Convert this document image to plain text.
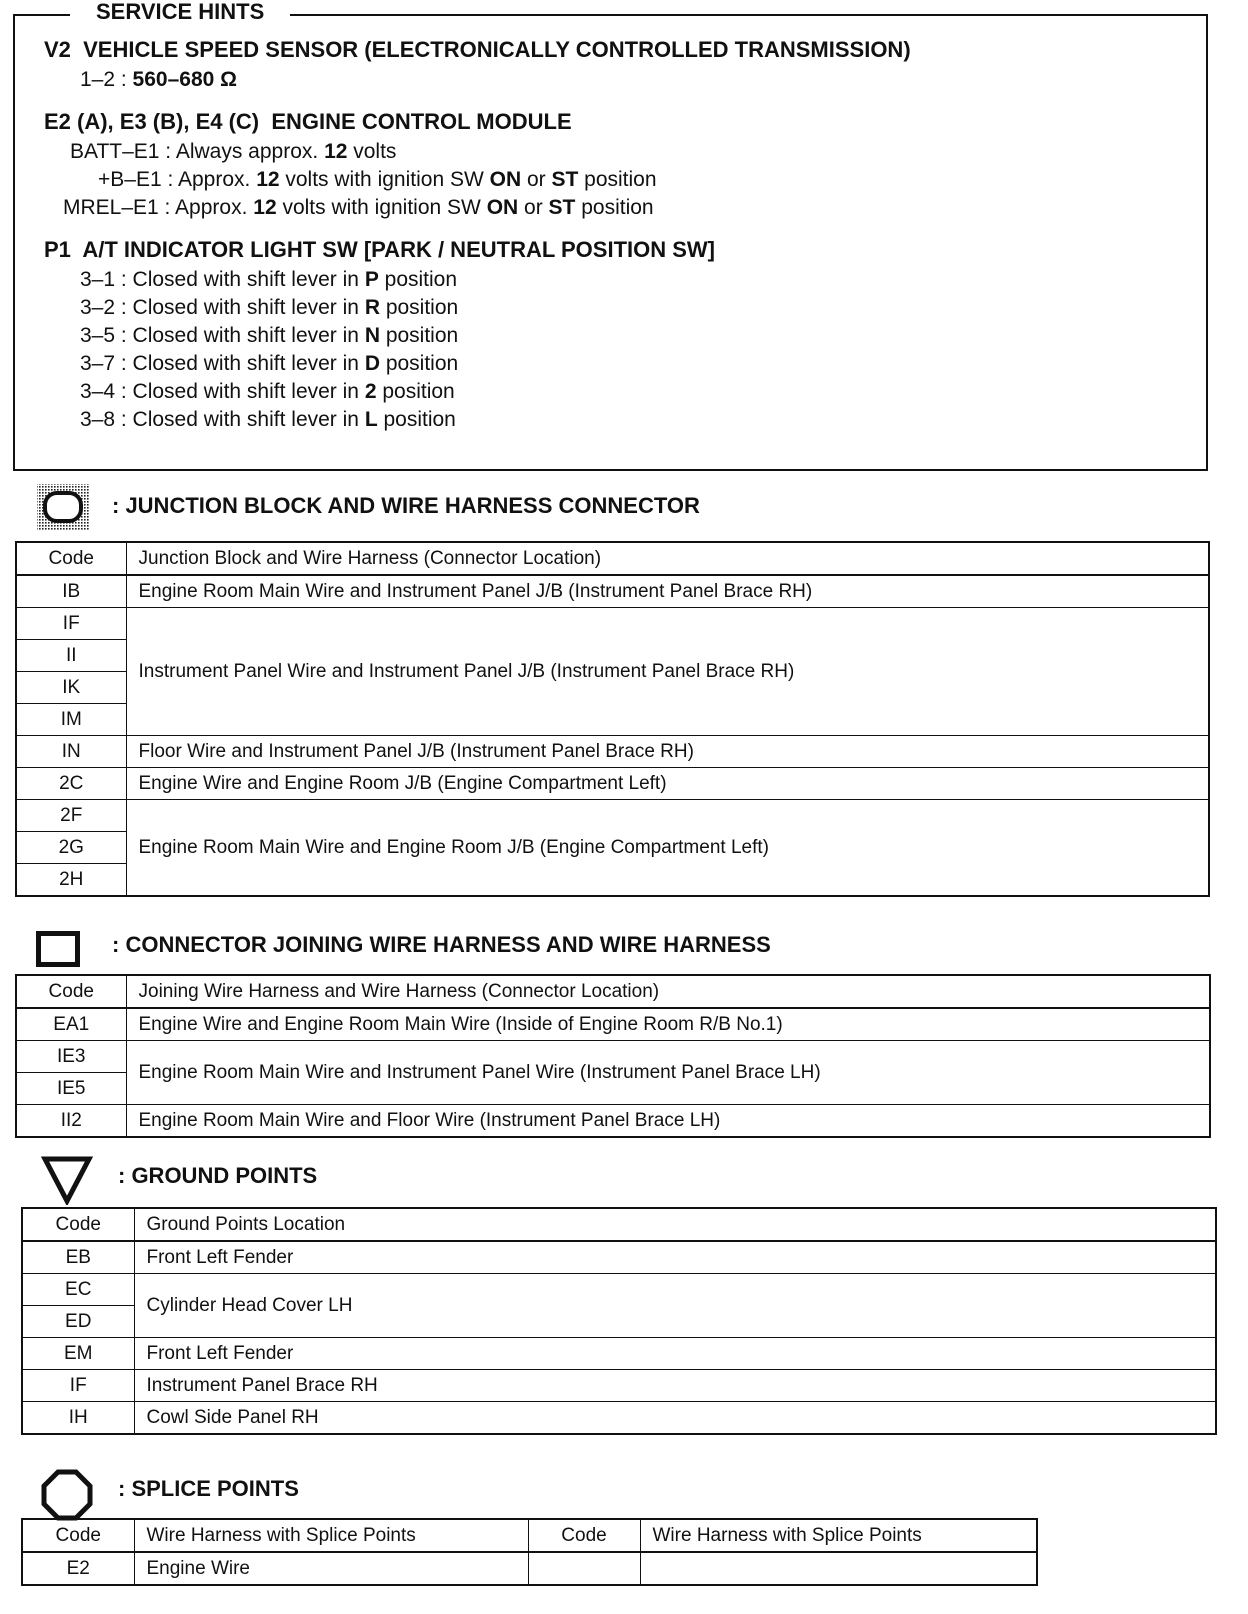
SERVICE HINTS
V2  VEHICLE SPEED SENSOR (ELECTRONICALLY CONTROLLED TRANSMISSION)
1–2 : 560–680 Ω
E2 (A), E3 (B), E4 (C)  ENGINE CONTROL MODULE
BATT–E1 : Always approx. 12 volts
+B–E1 : Approx. 12 volts with ignition SW ON or ST position
MREL–E1 : Approx. 12 volts with ignition SW ON or ST position
P1  A/T INDICATOR LIGHT SW [PARK / NEUTRAL POSITION SW]
3–1 : Closed with shift lever in P position
3–2 : Closed with shift lever in R position
3–5 : Closed with shift lever in N position
3–7 : Closed with shift lever in D position
3–4 : Closed with shift lever in 2 position
3–8 : Closed with shift lever in L position
: JUNCTION BLOCK AND WIRE HARNESS CONNECTOR
Code	Junction Block and Wire Harness (Connector Location)
IB	Engine Room Main Wire and Instrument Panel J/B (Instrument Panel Brace RH)
IF	Instrument Panel Wire and Instrument Panel J/B (Instrument Panel Brace RH)
II	
IK	
IM	
IN	Floor Wire and Instrument Panel J/B (Instrument Panel Brace RH)
2C	Engine Wire and Engine Room J/B (Engine Compartment Left)
2F	Engine Room Main Wire and Engine Room J/B (Engine Compartment Left)
2G	
2H	
: CONNECTOR JOINING WIRE HARNESS AND WIRE HARNESS
Code	Joining Wire Harness and Wire Harness (Connector Location)
EA1	Engine Wire and Engine Room Main Wire (Inside of Engine Room R/B No.1)
IE3	Engine Room Main Wire and Instrument Panel Wire (Instrument Panel Brace LH)
IE5	
II2	Engine Room Main Wire and Floor Wire (Instrument Panel Brace LH)
: GROUND POINTS
Code	Ground Points Location
EB	Front Left Fender
EC	Cylinder Head Cover LH
ED	
EM	Front Left Fender
IF	Instrument Panel Brace RH
IH	Cowl Side Panel RH
: SPLICE POINTS
Code	Wire Harness with Splice Points	Code	Wire Harness with Splice Points
E2	Engine Wire		
